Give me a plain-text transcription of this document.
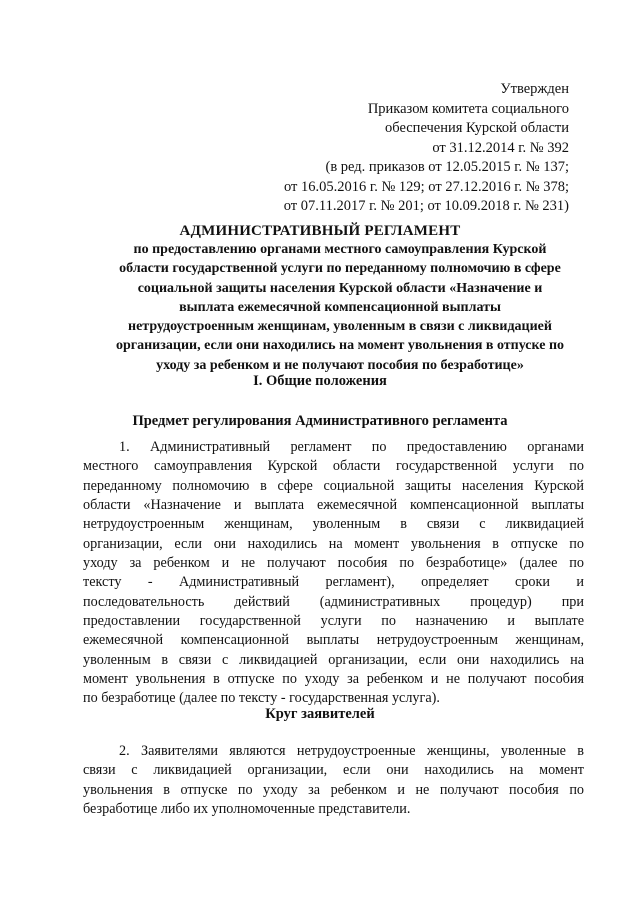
Утвержден
Приказом комитета социального
обеспечения Курской области
от 31.12.2014 г. № 392
(в ред. приказов от 12.05.2015 г. № 137;
от 16.05.2016 г. № 129; от 27.12.2016 г. № 378;
от 07.11.2017 г. № 201; от 10.09.2018 г. № 231)
АДМИНИСТРАТИВНЫЙ РЕГЛАМЕНТ
по предоставлению органами местного самоуправления Курской
области государственной услуги по переданному полномочию в сфере
социальной защиты населения Курской области «Назначение и
выплата ежемесячной компенсационной выплаты
нетрудоустроенным женщинам, уволенным в связи с ликвидацией
организации, если они находились на момент увольнения в отпуске по
уходу за ребенком и не получают пособия по безработице»
I. Общие положения
Предмет регулирования Административного регламента
1. Административный регламент по предоставлению органами
местного самоуправления Курской области государственной услуги по
переданному полномочию в сфере социальной защиты населения Курской
области «Назначение и выплата ежемесячной компенсационной выплаты
нетрудоустроенным женщинам, уволенным в связи с ликвидацией
организации, если они находились на момент увольнения в отпуске по
уходу за ребенком и не получают пособия по безработице» (далее по
тексту - Административный регламент), определяет сроки и
последовательность действий (административных процедур) при
предоставлении государственной услуги по назначению и выплате
ежемесячной компенсационной выплаты нетрудоустроенным женщинам,
уволенным в связи с ликвидацией организации, если они находились на
момент увольнения в отпуске по уходу за ребенком и не получают пособия
по безработице (далее по тексту - государственная услуга).
Круг заявителей
2. Заявителями являются нетрудоустроенные женщины, уволенные в
связи с ликвидацией организации, если они находились на момент
увольнения в отпуске по уходу за ребенком и не получают пособия по
безработице либо их уполномоченные представители.
